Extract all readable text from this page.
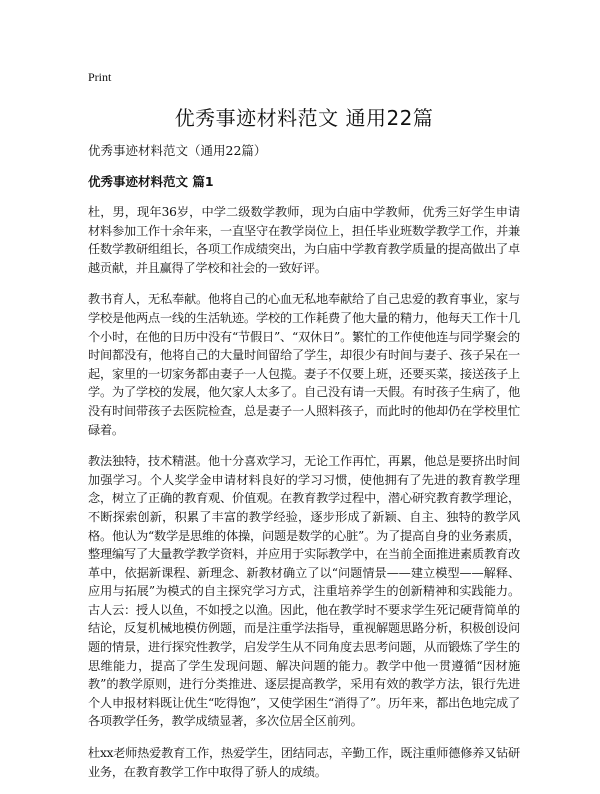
Print
优秀事迹材料范文 通用22篇

优秀事迹材料范文（通用22篇）

优秀事迹材料范文 篇1

杜，男，现年36岁，中学二级数学教师，现为白庙中学教师，优秀三好学生申请材料参加工作十余年来，一直坚守在教学岗位上，担任毕业班数学教学工作，并兼任数学教研组组长，各项工作成绩突出，为白庙中学教育教学质量的提高做出了卓越贡献，并且赢得了学校和社会的一致好评。

教书育人，无私奉献。他将自己的心血无私地奉献给了自己忠爱的教育事业，家与学校是他两点一线的生活轨迹。学校的工作耗费了他大量的精力，他每天工作十几个小时，在他的日历中没有“节假日”、“双休日”。繁忙的工作使他连与同学聚会的时间都没有，他将自己的大量时间留给了学生，却很少有时间与妻子、孩子呆在一起，家里的一切家务都由妻子一人包揽。妻子不仅要上班，还要买菜，接送孩子上学。为了学校的发展，他欠家人太多了。自己没有请一天假。有时孩子生病了，他没有时间带孩子去医院检查，总是妻子一人照料孩子，而此时的他却仍在学校里忙碌着。

教法独特，技术精湛。他十分喜欢学习，无论工作再忙，再累，他总是要挤出时间加强学习。个人奖学金申请材料良好的学习习惯，使他拥有了先进的教育教学理念，树立了正确的教育观、价值观。在教育教学过程中，潜心研究教育教学理论，不断探索创新，积累了丰富的教学经验，逐步形成了新颖、自主、独特的教学风格。他认为“数学是思维的体操，问题是数学的心脏”。为了提高自身的业务素质，整理编写了大量教学教学资料，并应用于实际教学中，在当前全面推进素质教育改革中，依据新课程、新理念、新教材确立了以“问题情景——建立模型——解释、应用与拓展”为模式的自主探究学习方式，注重培养学生的创新精神和实践能力。古人云：授人以鱼，不如授之以渔。因此，他在教学时不要求学生死记硬背简单的结论，反复机械地模仿例题，而是注重学法指导，重视解题思路分析，积极创设问题的情景，进行探究性教学，启发学生从不同角度去思考问题，从而锻炼了学生的思维能力，提高了学生发现问题、解决问题的能力。教学中他一贯遵循“因材施教”的教学原则，进行分类推进、逐层提高教学，采用有效的教学方法，银行先进个人申报材料既让优生“吃得饱”，又使学困生“消得了”。历年来，都出色地完成了各项教学任务，教学成绩显著，多次位居全区前列。

杜xx老师热爱教育工作，热爱学生，团结同志，辛勤工作，既注重师德修养又钻研业务，在教育教学工作中取得了骄人的成绩。
